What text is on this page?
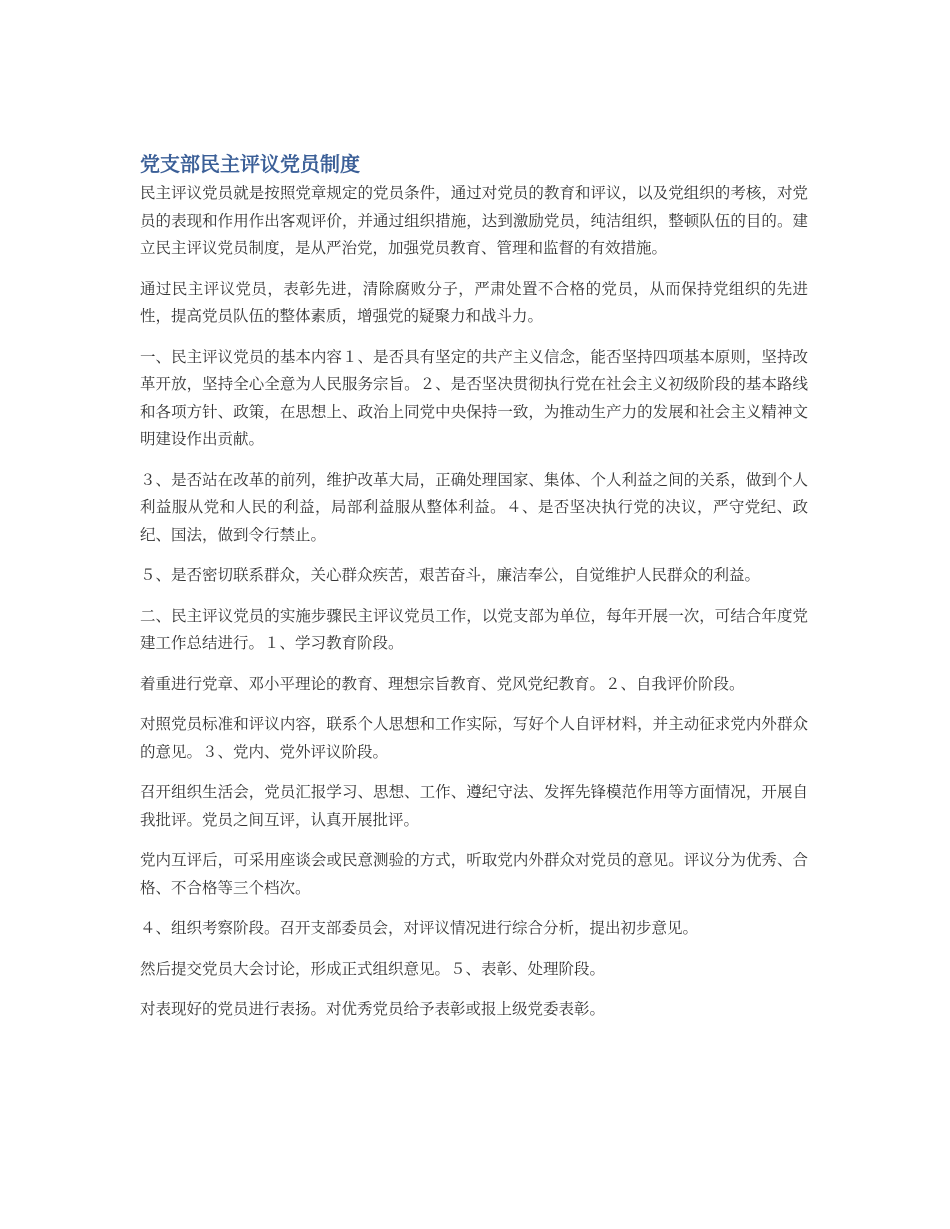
党支部民主评议党员制度

民主评议党员就是按照党章规定的党员条件，通过对党员的教育和评议，以及党组织的考核，对党员的表现和作用作出客观评价，并通过组织措施，达到激励党员，纯洁组织，整顿队伍的目的。建立民主评议党员制度，是从严治党，加强党员教育、管理和监督的有效措施。

通过民主评议党员，表彰先进，清除腐败分子，严肃处置不合格的党员，从而保持党组织的先进性，提高党员队伍的整体素质，增强党的疑聚力和战斗力。

一、民主评议党员的基本内容１、是否具有坚定的共产主义信念，能否坚持四项基本原则，坚持改革开放，坚持全心全意为人民服务宗旨。２、是否坚决贯彻执行党在社会主义初级阶段的基本路线和各项方针、政策，在思想上、政治上同党中央保持一致，为推动生产力的发展和社会主义精神文明建设作出贡献。

３、是否站在改革的前列，维护改革大局，正确处理国家、集体、个人利益之间的关系，做到个人利益服从党和人民的利益，局部利益服从整体利益。４、是否坚决执行党的决议，严守党纪、政纪、国法，做到令行禁止。

５、是否密切联系群众，关心群众疾苦，艰苦奋斗，廉洁奉公，自觉维护人民群众的利益。

二、民主评议党员的实施步骤民主评议党员工作，以党支部为单位，每年开展一次，可结合年度党建工作总结进行。１、学习教育阶段。

着重进行党章、邓小平理论的教育、理想宗旨教育、党风党纪教育。２、自我评价阶段。

对照党员标准和评议内容，联系个人思想和工作实际，写好个人自评材料，并主动征求党内外群众的意见。３、党内、党外评议阶段。

召开组织生活会，党员汇报学习、思想、工作、遵纪守法、发挥先锋模范作用等方面情况，开展自我批评。党员之间互评，认真开展批评。

党内互评后，可采用座谈会或民意测验的方式，听取党内外群众对党员的意见。评议分为优秀、合格、不合格等三个档次。

４、组织考察阶段。召开支部委员会，对评议情况进行综合分析，提出初步意见。

然后提交党员大会讨论，形成正式组织意见。５、表彰、处理阶段。

对表现好的党员进行表扬。对优秀党员给予表彰或报上级党委表彰。
